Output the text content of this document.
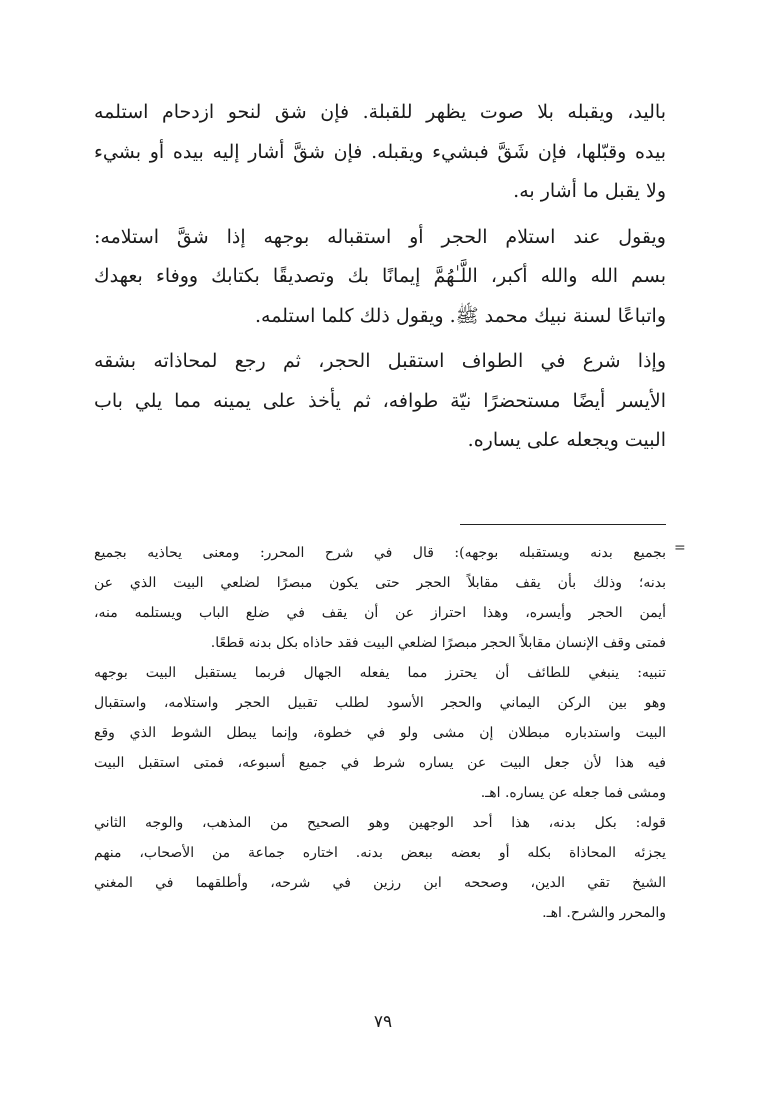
باليد، ويقبله بلا صوت يظهر للقبلة. فإن شق لنحو ازدحام استلمه
بيده وقبّلها، فإن شَقَّ فبشيء ويقبله. فإن شقَّ أشار إليه بيده أو بشيء
ولا يقبل ما أشار به.

ويقول عند استلام الحجر أو استقباله بوجهه إذا شقَّ استلامه:
بسم الله والله أكبر، اللَّـٰهُمَّ إيمانًا بك وتصديقًا بكتابك ووفاء بعهدك
واتباعًا لسنة نبيك محمد ﷺ. ويقول ذلك كلما استلمه.

وإذا شرع في الطواف استقبل الحجر، ثم رجع لمحاذاته بشقه
الأيسر أيضًا مستحضرًا نيّة طوافه، ثم يأخذ على يمينه مما يلي باب
البيت ويجعله على يساره.

=

بجميع بدنه ويستقبله بوجهه): قال في شرح المحرر: ومعنى يحاذيه بجميع
بدنه؛ وذلك بأن يقف مقابلاً الحجر حتى يكون مبصرًا لضلعي البيت الذي عن
أيمن الحجر وأيسره، وهذا احتراز عن أن يقف في ضلع الباب ويستلمه منه،
فمتى وقف الإنسان مقابلاً الحجر مبصرًا لضلعي البيت فقد حاذاه بكل بدنه قطعًا.

تنبيه: ينبغي للطائف أن يحترز مما يفعله الجهال فربما يستقبل البيت بوجهه
وهو بين الركن اليماني والحجر الأسود لطلب تقبيل الحجر واستلامه، واستقبال
البيت واستدباره مبطلان إن مشى ولو في خطوة، وإنما يبطل الشوط الذي وقع
فيه هذا لأن جعل البيت عن يساره شرط في جميع أسبوعه، فمتى استقبل البيت
ومشى فما جعله عن يساره. اهـ.

قوله: بكل بدنه، هذا أحد الوجهين وهو الصحيح من المذهب، والوجه الثاني
يجزئه المحاذاة بكله أو بعضه ببعض بدنه. اختاره جماعة من الأصحاب، منهم
الشيخ تقي الدين، وصححه ابن رزين في شرحه، وأطلقهما في المغني
والمحرر والشرح. اهـ.

٧٩
